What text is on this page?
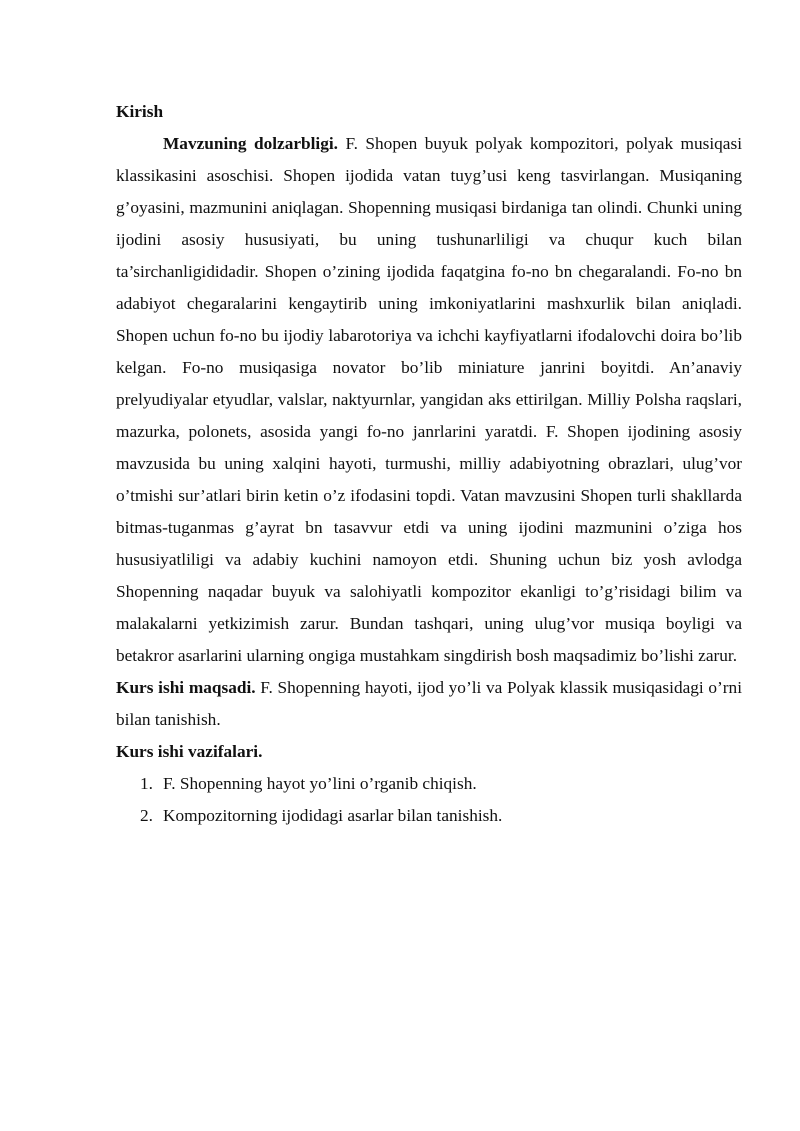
Kirish

Mavzuning dolzarbligi. F. Shopen buyuk polyak kompozitori, polyak musiqasi klassikasini asoschisi. Shopen ijodida vatan tuyg’usi keng tasvirlangan. Musiqaning g’oyasini, mazmunini aniqlagan. Shopenning musiqasi birdaniga tan olindi. Chunki uning ijodini asosiy hususiyati, bu uning tushunarliligi va chuqur kuch bilan ta’sirchanligididadir. Shopen o’zining ijodida faqatgina fo-no bn chegaralandi. Fo-no bn adabiyot chegaralarini kengaytirib uning imkoniyatlarini mashxurlik bilan aniqladi. Shopen uchun fo-no bu ijodiy labarotoriya va ichchi kayfiyatlarni ifodalovchi doira bo’lib kelgan. Fo-no musiqasiga novator bo’lib miniature janrini boyitdi. An’anaviy prelyudiyalar etyudlar, valslar, naktyurnlar, yangidan aks ettirilgan. Milliy Polsha raqslari, mazurka, polonets, asosida yangi fo-no janrlarini yaratdi. F. Shopen ijodining asosiy mavzusida bu uning xalqini hayoti, turmushi, milliy adabiyotning obrazlari, ulug’vor o’tmishi sur’atlari birin ketin o’z ifodasini topdi. Vatan mavzusini Shopen turli shakllarda bitmas-tuganmas g’ayrat bn tasavvur etdi va uning ijodini mazmunini o’ziga hos hususiyatliligi va adabiy kuchini namoyon etdi. Shuning uchun biz yosh avlodga Shopenning naqadar buyuk va salohiyatli kompozitor ekanligi to’g’risidagi bilim va malakalarni yetkizimish zarur. Bundan tashqari, uning ulug’vor musiqa boyligi va betakror asarlarini ularning ongiga mustahkam singdirish bosh maqsadimiz bo’lishi zarur.

Kurs ishi maqsadi. F. Shopenning hayoti, ijod yo’li va Polyak klassik musiqasidagi o’rni bilan tanishish.

Kurs ishi vazifalari.

1. F. Shopenning hayot yo’lini o’rganib chiqish.
2. Kompozitorning ijodidagi asarlar bilan tanishish.
